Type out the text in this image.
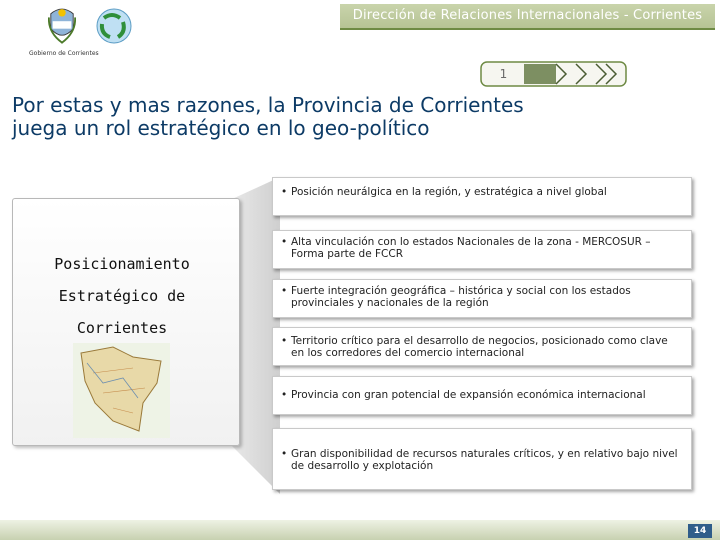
Dirección de Relaciones Internacionales - Corrientes
Gobierno de Corrientes
1
Por estas y mas razones, la Provincia de Corrientes
juega un rol estratégico en lo geo-político
Posicionamiento
Estratégico de
Corrientes
• Posición neurálgica en la región, y estratégica a nivel global
• Alta vinculación con lo estados Nacionales de la zona - MERCOSUR – Forma parte de FCCR
• Fuerte integración geográfica – histórica y social con los estados provinciales y nacionales de la región
• Territorio crítico para el desarrollo de negocios, posicionado como clave en los corredores del comercio internacional
• Provincia con gran potencial de expansión económica internacional
• Gran disponibilidad de recursos naturales críticos, y en relativo bajo nivel de desarrollo y explotación
14
